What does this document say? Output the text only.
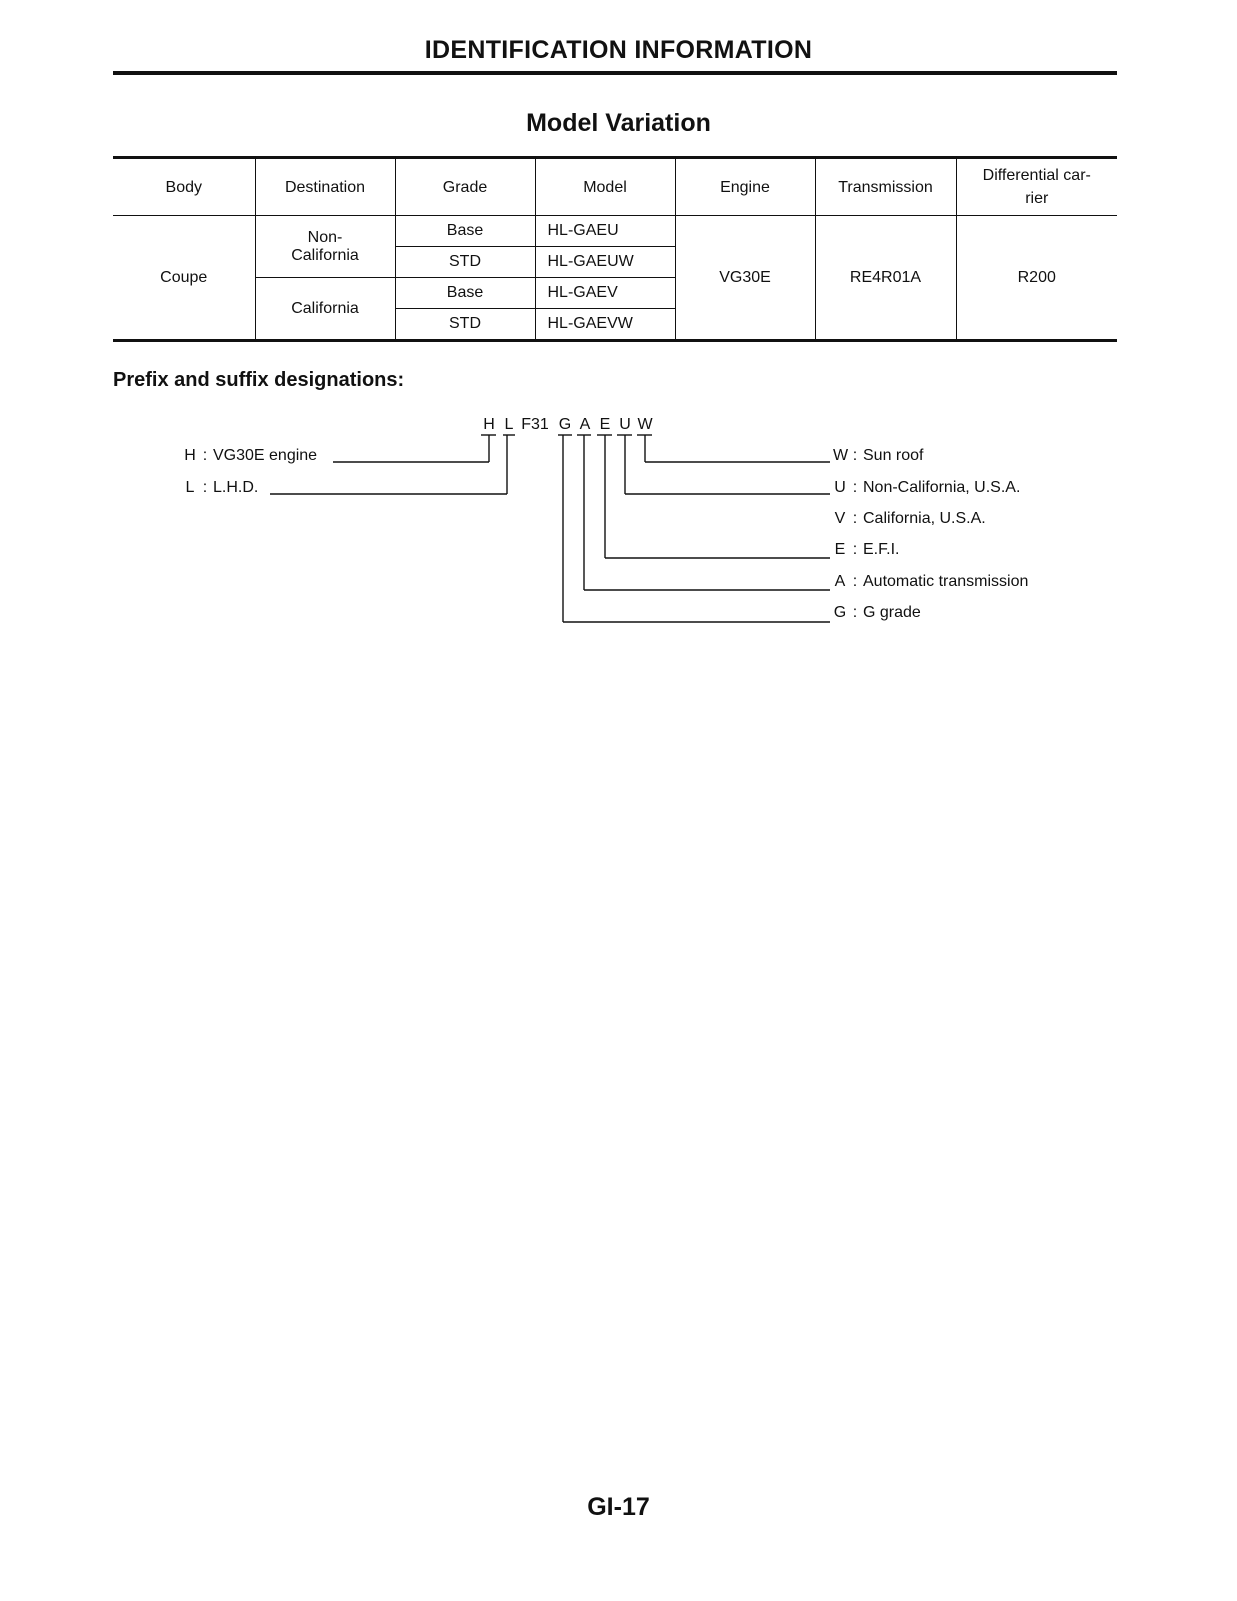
IDENTIFICATION INFORMATION
Model Variation
Body	Destination	Grade	Model	Engine	Transmission	Differential car-
rier

Coupe	Non-
California	Base	HL-GAEU	VG30E	RE4R01A	R200
		STD	HL-GAEUW			
	California	Base	HL-GAEV			
		STD	HL-GAEVW			
Prefix and suffix designations:
H L F31 G A E U W
H : VG30E engine
L : L.H.D.
W : Sun roof
U : Non-California, U.S.A.
V : California, U.S.A.
E : E.F.I.
A : Automatic transmission
G : G grade
GI-17
